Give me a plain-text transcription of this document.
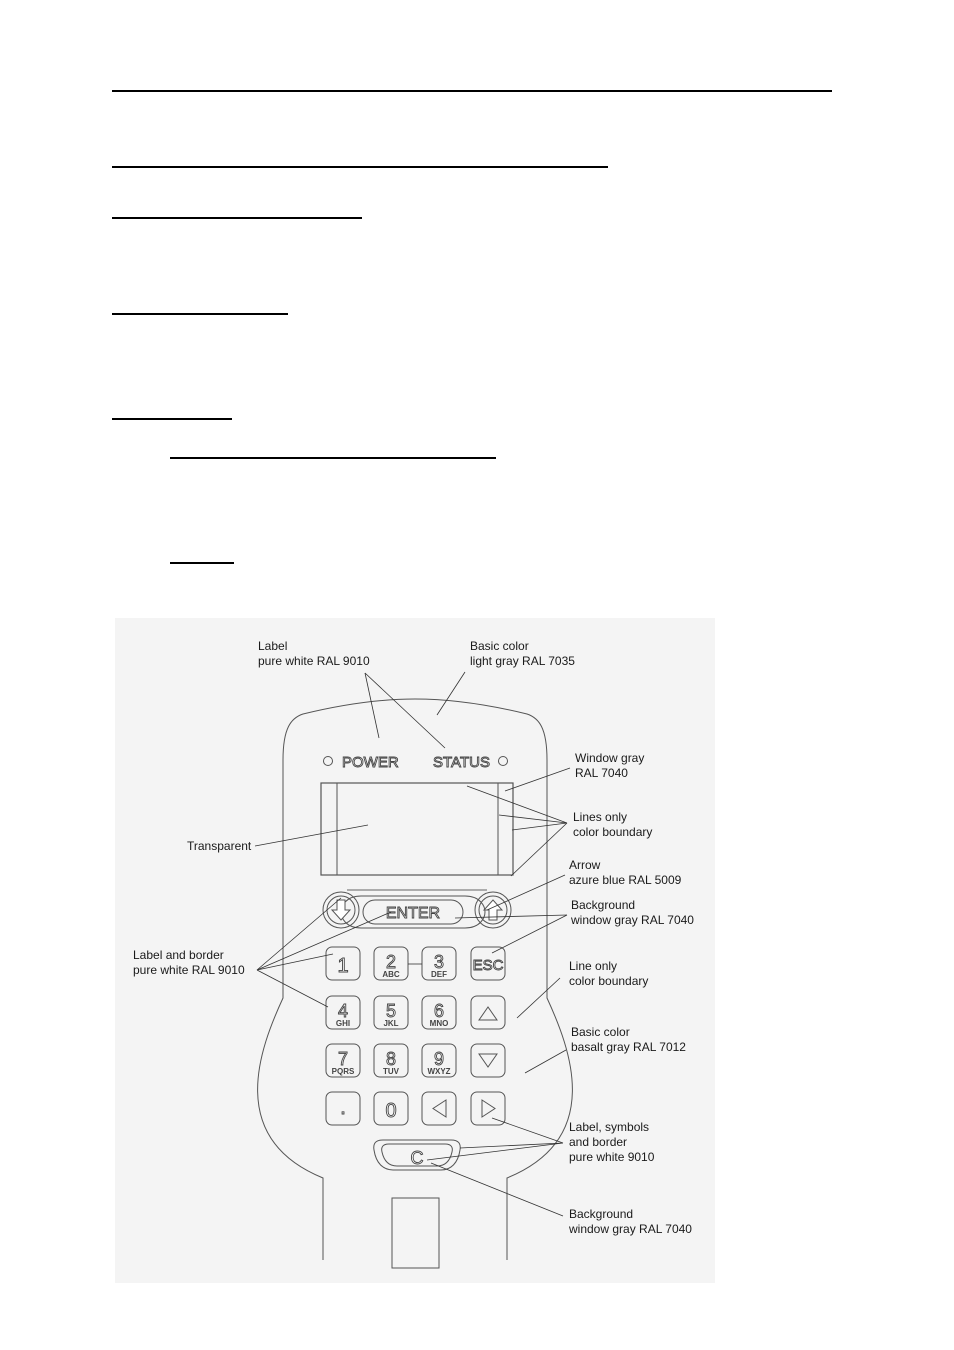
POWER STATUS
ENTER
1 2
ABC
3
DEF
ESC
4
GHI
5
JKL
6
MNO
7
PQRS
8
TUV
9
WXYZ
. 0
C
Label pure white RAL 9010
Basic color light gray RAL 7035
Window gray RAL 7040
Lines only color boundary
Transparent
Arrow azure blue RAL 5009
Background window gray RAL 7040
Label and border pure white RAL 9010	Line only color boundary
Basic color basalt gray RAL 7012
Label, symbols and border pure white 9010
Background window gray RAL 7040
